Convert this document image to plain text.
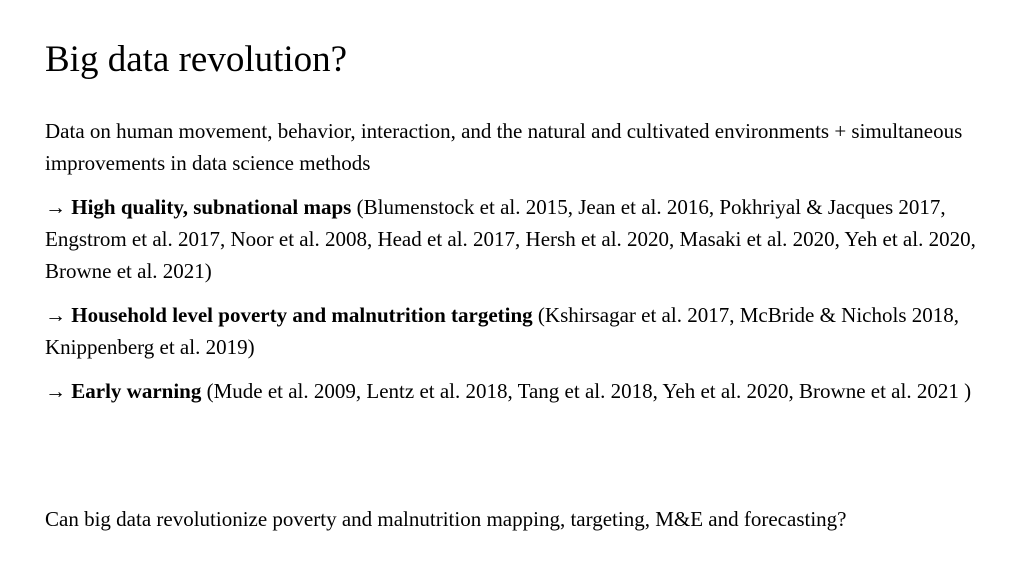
Big data revolution?

Data on human movement, behavior, interaction, and the natural and cultivated environments + simultaneous improvements in data science methods

→ High quality, subnational maps (Blumenstock et al. 2015, Jean et al. 2016, Pokhriyal & Jacques 2017, Engstrom et al. 2017, Noor et al. 2008, Head et al. 2017, Hersh et al. 2020, Masaki et al. 2020, Yeh et al. 2020, Browne et al. 2021)

→ Household level poverty and malnutrition targeting (Kshirsagar et al. 2017, McBride & Nichols 2018, Knippenberg et al. 2019)

→ Early warning (Mude et al. 2009, Lentz et al. 2018, Tang et al. 2018, Yeh et al. 2020, Browne et al. 2021 )

Can big data revolutionize poverty and malnutrition mapping, targeting, M&E and forecasting?
